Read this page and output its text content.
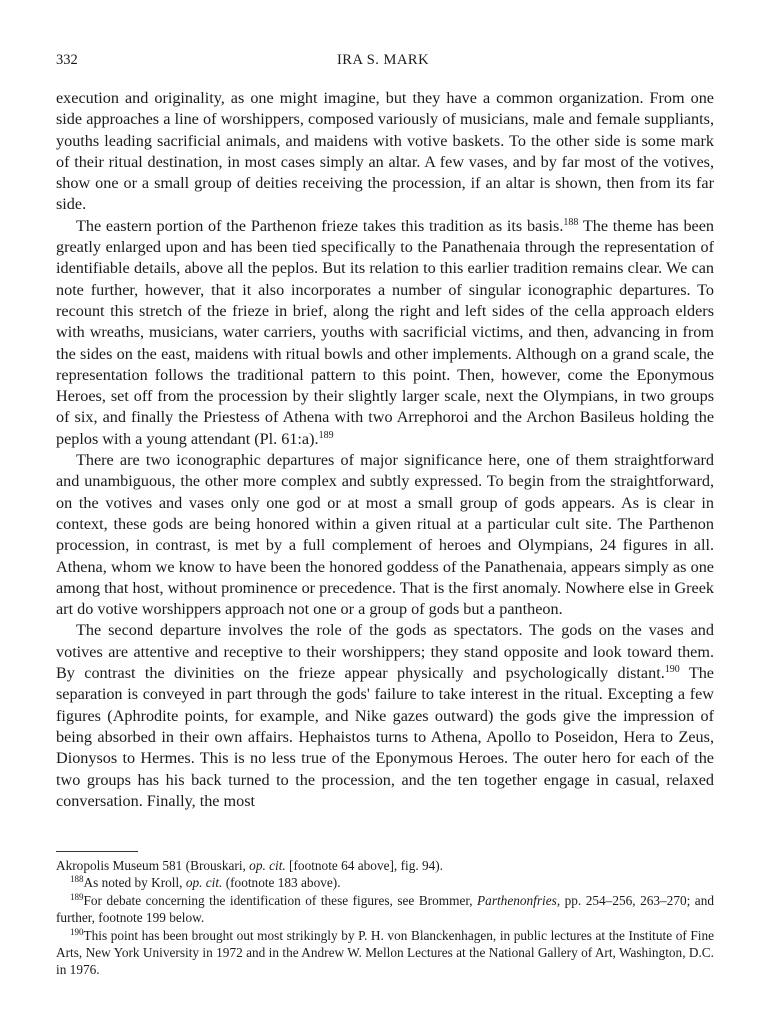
332	IRA S. MARK

execution and originality, as one might imagine, but they have a common organization. From one side approaches a line of worshippers, composed variously of musicians, male and female suppliants, youths leading sacrificial animals, and maidens with votive baskets. To the other side is some mark of their ritual destination, in most cases simply an altar. A few vases, and by far most of the votives, show one or a small group of deities receiving the procession, if an altar is shown, then from its far side.

The eastern portion of the Parthenon frieze takes this tradition as its basis.$^{188}$ The theme has been greatly enlarged upon and has been tied specifically to the Panathenaia through the representation of identifiable details, above all the peplos. But its relation to this earlier tradition remains clear. We can note further, however, that it also incorporates a number of singular iconographic departures. To recount this stretch of the frieze in brief, along the right and left sides of the cella approach elders with wreaths, musicians, water carriers, youths with sacrificial victims, and then, advancing in from the sides on the east, maidens with ritual bowls and other implements. Although on a grand scale, the representation follows the traditional pattern to this point. Then, however, come the Eponymous Heroes, set off from the procession by their slightly larger scale, next the Olympians, in two groups of six, and finally the Priestess of Athena with two Arrephoroi and the Archon Basileus holding the peplos with a young attendant (Pl. 61:a).$^{189}$

There are two iconographic departures of major significance here, one of them straightforward and unambiguous, the other more complex and subtly expressed. To begin from the straightforward, on the votives and vases only one god or at most a small group of gods appears. As is clear in context, these gods are being honored within a given ritual at a particular cult site. The Parthenon procession, in contrast, is met by a full complement of heroes and Olympians, 24 figures in all. Athena, whom we know to have been the honored goddess of the Panathenaia, appears simply as one among that host, without prominence or precedence. That is the first anomaly. Nowhere else in Greek art do votive worshippers approach not one or a group of gods but a pantheon.

The second departure involves the role of the gods as spectators. The gods on the vases and votives are attentive and receptive to their worshippers; they stand opposite and look toward them. By contrast the divinities on the frieze appear physically and psychologically distant.$^{190}$ The separation is conveyed in part through the gods' failure to take interest in the ritual. Excepting a few figures (Aphrodite points, for example, and Nike gazes outward) the gods give the impression of being absorbed in their own affairs. Hephaistos turns to Athena, Apollo to Poseidon, Hera to Zeus, Dionysos to Hermes. This is no less true of the Eponymous Heroes. The outer hero for each of the two groups has his back turned to the procession, and the ten together engage in casual, relaxed conversation. Finally, the most

Akropolis Museum 581 (Brouskari, op. cit. [footnote 64 above], fig. 94).

$^{188}$As noted by Kroll, op. cit. (footnote 183 above).

$^{189}$For debate concerning the identification of these figures, see Brommer, Parthenonfries, pp. 254–256, 263–270; and further, footnote 199 below.

$^{190}$This point has been brought out most strikingly by P. H. von Blanckenhagen, in public lectures at the Institute of Fine Arts, New York University in 1972 and in the Andrew W. Mellon Lectures at the National Gallery of Art, Washington, D.C. in 1976.
